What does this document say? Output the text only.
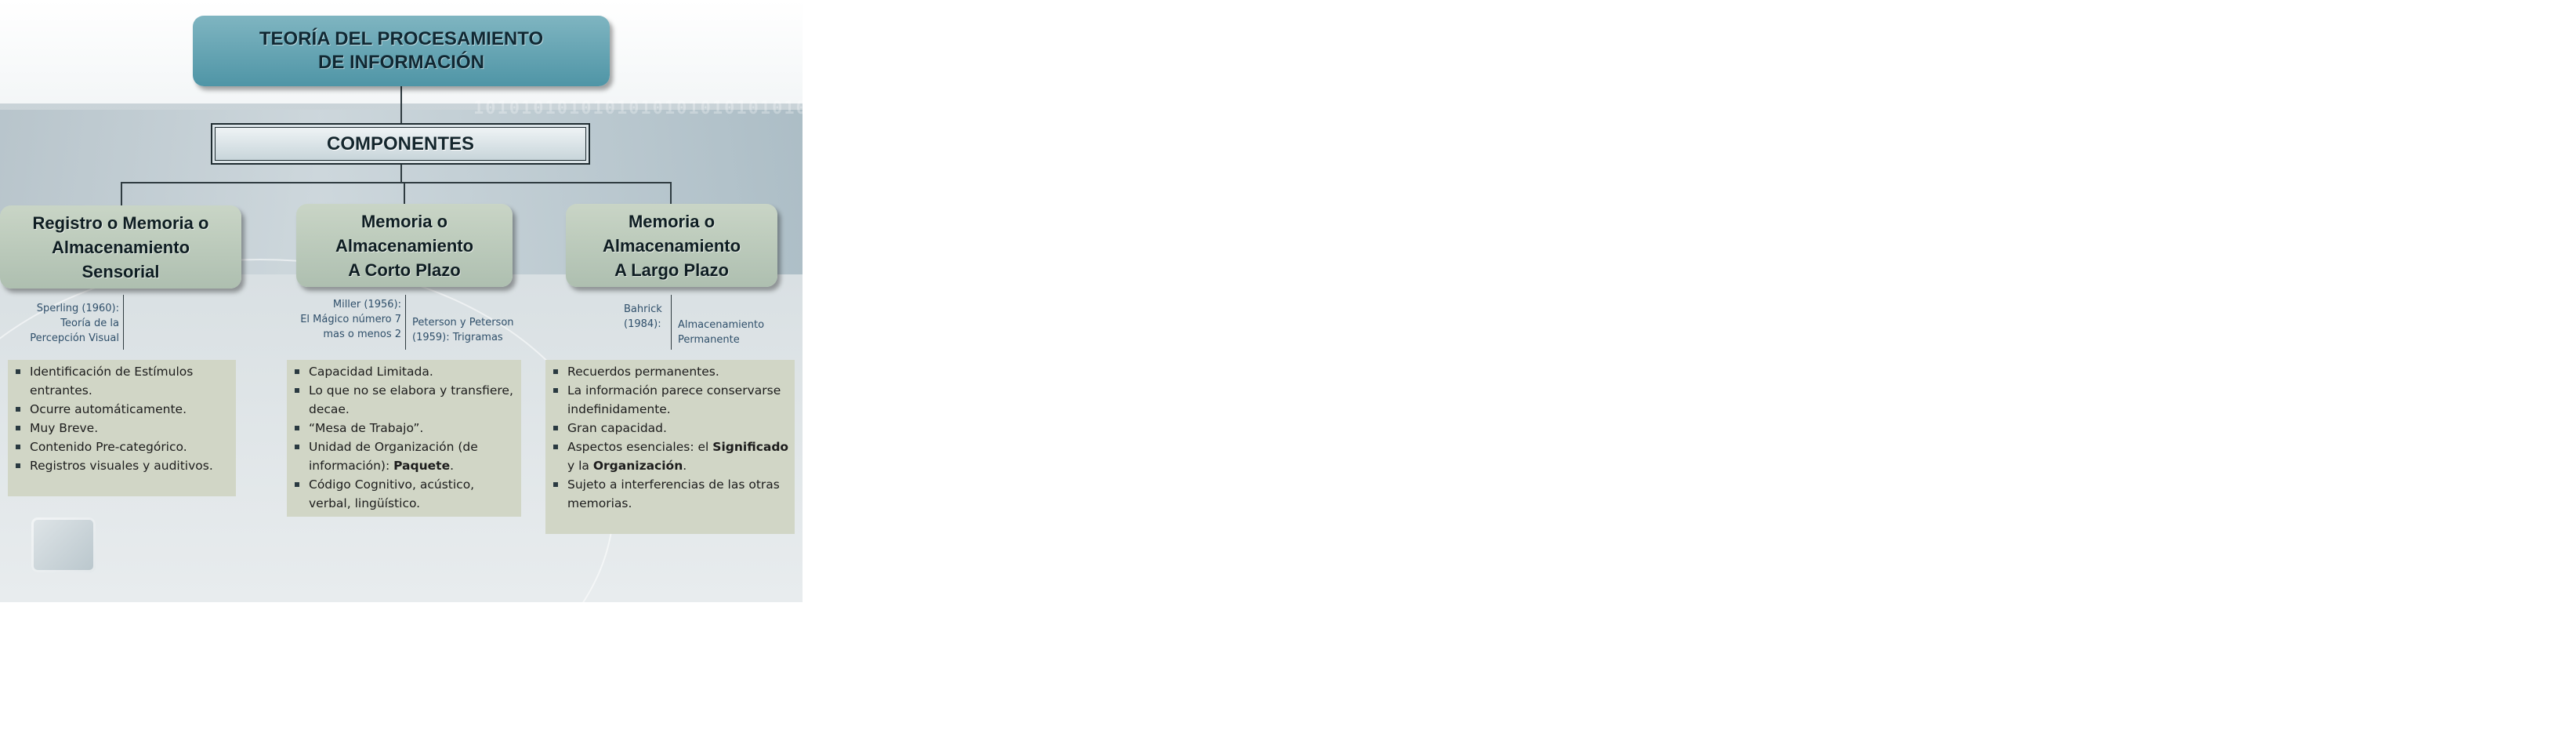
10101010101010101010101010101010101010101010101010101010101010101010101010101010101010101010101010101010101010101010101010101010101010101010101010101010101010101010101010101010
TEORÍA DEL PROCESAMIENTO
DE INFORMACIÓN
COMPONENTES
Registro o Memoria o
Almacenamiento
Sensorial
Memoria o
Almacenamiento
A Corto Plazo
Memoria o
Almacenamiento
A Largo Plazo
Sperling (1960):
Teoría de la
Percepción Visual
Miller (1956):
El Mágico número 7
mas o menos 2
Peterson y Peterson
(1959): Trigramas
Bahrick
(1984):	Almacenamiento
Permanente
Identificación de Estímulos entrantes.
Ocurre automáticamente.
Muy Breve.
Contenido Pre-categórico.
Registros visuales y auditivos.
Capacidad Limitada.
Lo que no se elabora y transfiere, decae.
“Mesa de Trabajo”.
Unidad de Organización (de información): Paquete.
Código Cognitivo, acústico, verbal, lingüístico.
Recuerdos permanentes.
La información parece conservarse indefinidamente.
Gran capacidad.
Aspectos esenciales: el Significado y la Organización.
Sujeto a interferencias de las otras memorias.
